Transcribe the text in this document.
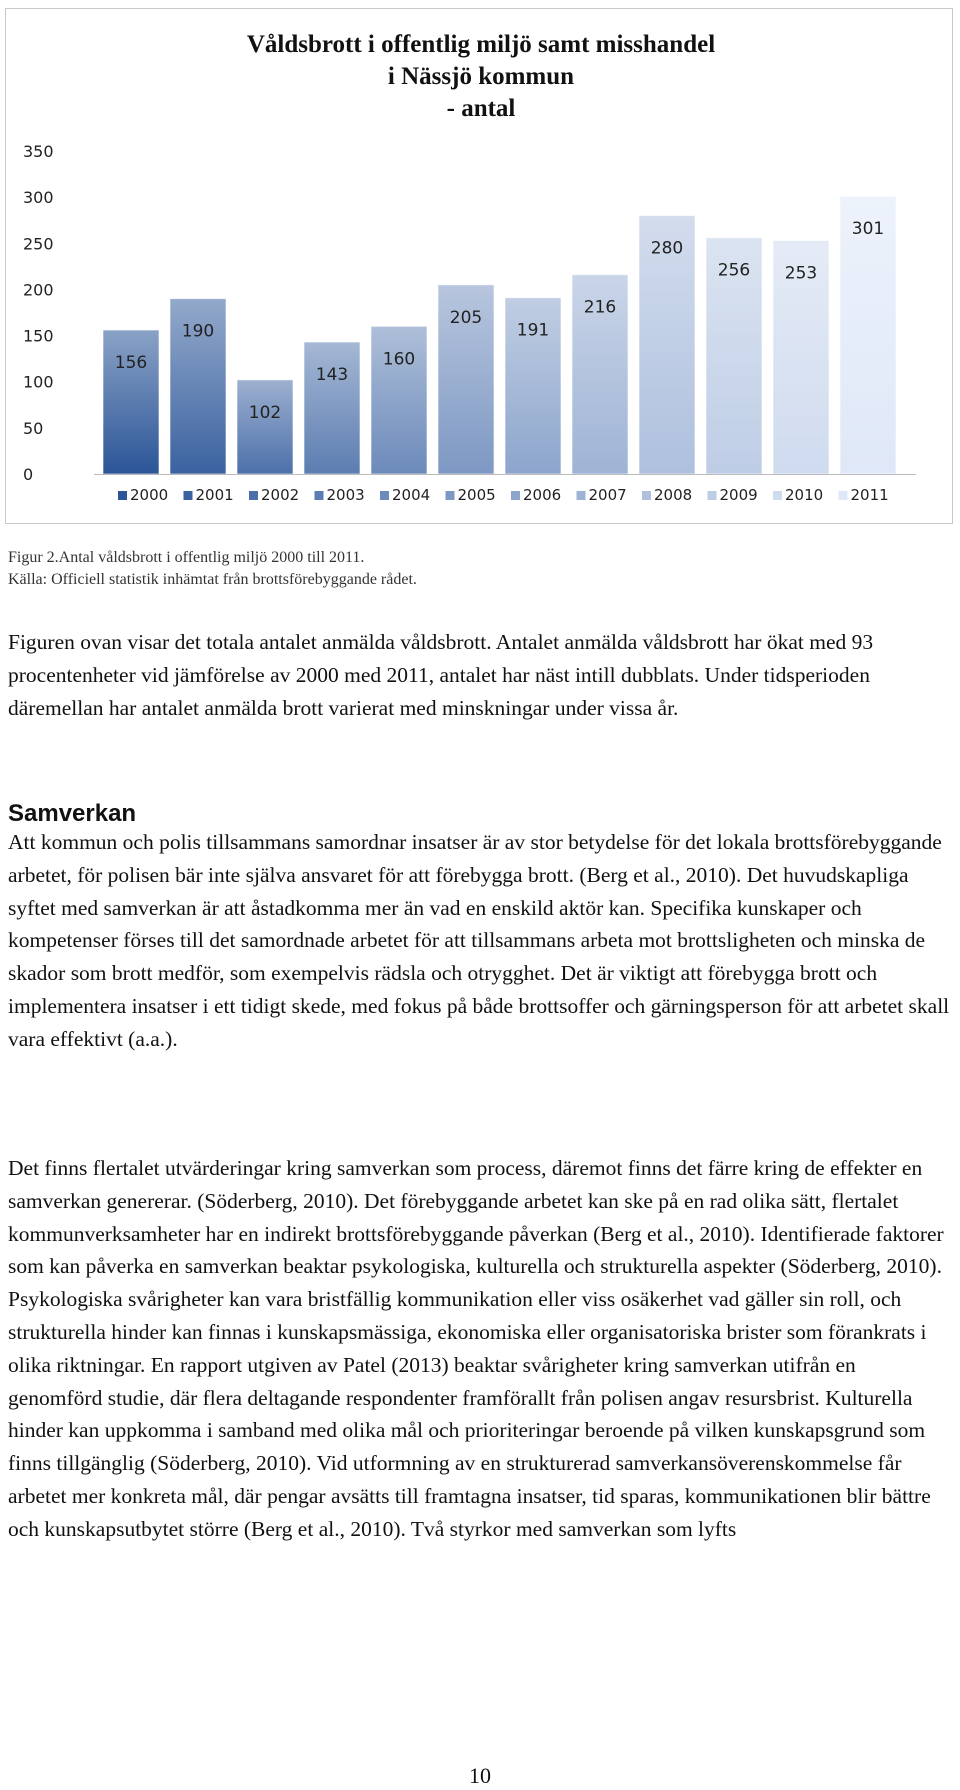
Våldsbrott i offentlig miljö samt misshandel
i Nässjö kommun
- antal
0
50
100
150
200
250
300
350
156
190
102
143
160
205
191
216
280
256 253
301
2000 2001 2002 2003 2004 2005 2006 2007 2008 2009 2010 2011
Figur 2.Antal våldsbrott i offentlig miljö 2000 till 2011.
Källa: Officiell statistik inhämtat från brottsförebyggande rådet.

Figuren ovan visar det totala antalet anmälda våldsbrott. Antalet anmälda våldsbrott har ökat med 93 procentenheter vid jämförelse av 2000 med 2011, antalet har näst intill dubblats. Under tidsperioden däremellan har antalet anmälda brott varierat med minskningar under vissa år.

Samverkan

Att kommun och polis tillsammans samordnar insatser är av stor betydelse för det lokala brottsförebyggande arbetet, för polisen bär inte själva ansvaret för att förebygga brott. (Berg et al., 2010). Det huvudskapliga syftet med samverkan är att åstadkomma mer än vad en enskild aktör kan. Specifika kunskaper och kompetenser förses till det samordnade arbetet för att tillsammans arbeta mot brottsligheten och minska de skador som brott medför, som exempelvis rädsla och otrygghet. Det är viktigt att förebygga brott och implementera insatser i ett tidigt skede, med fokus på både brottsoffer och gärningsperson för att arbetet skall vara effektivt (a.a.).

Det finns flertalet utvärderingar kring samverkan som process, däremot finns det färre kring de effekter en samverkan genererar. (Söderberg, 2010). Det förebyggande arbetet kan ske på en rad olika sätt, flertalet kommunverksamheter har en indirekt brottsförebyggande påverkan (Berg et al., 2010). Identifierade faktorer som kan påverka en samverkan beaktar psykologiska, kulturella och strukturella aspekter (Söderberg, 2010). Psykologiska svårigheter kan vara bristfällig kommunikation eller viss osäkerhet vad gäller sin roll, och strukturella hinder kan finnas i kunskapsmässiga, ekonomiska eller organisatoriska brister som förankrats i olika riktningar. En rapport utgiven av Patel (2013) beaktar svårigheter kring samverkan utifrån en genomförd studie, där flera deltagande respondenter framförallt från polisen angav resursbrist. Kulturella hinder kan uppkomma i samband med olika mål och prioriteringar beroende på vilken kunskapsgrund som finns tillgänglig (Söderberg, 2010). Vid utformning av en strukturerad samverkansöverenskommelse får arbetet mer konkreta mål, där pengar avsätts till framtagna insatser, tid sparas, kommunikationen blir bättre och kunskapsutbytet större (Berg et al., 2010). Två styrkor med samverkan som lyfts

10
